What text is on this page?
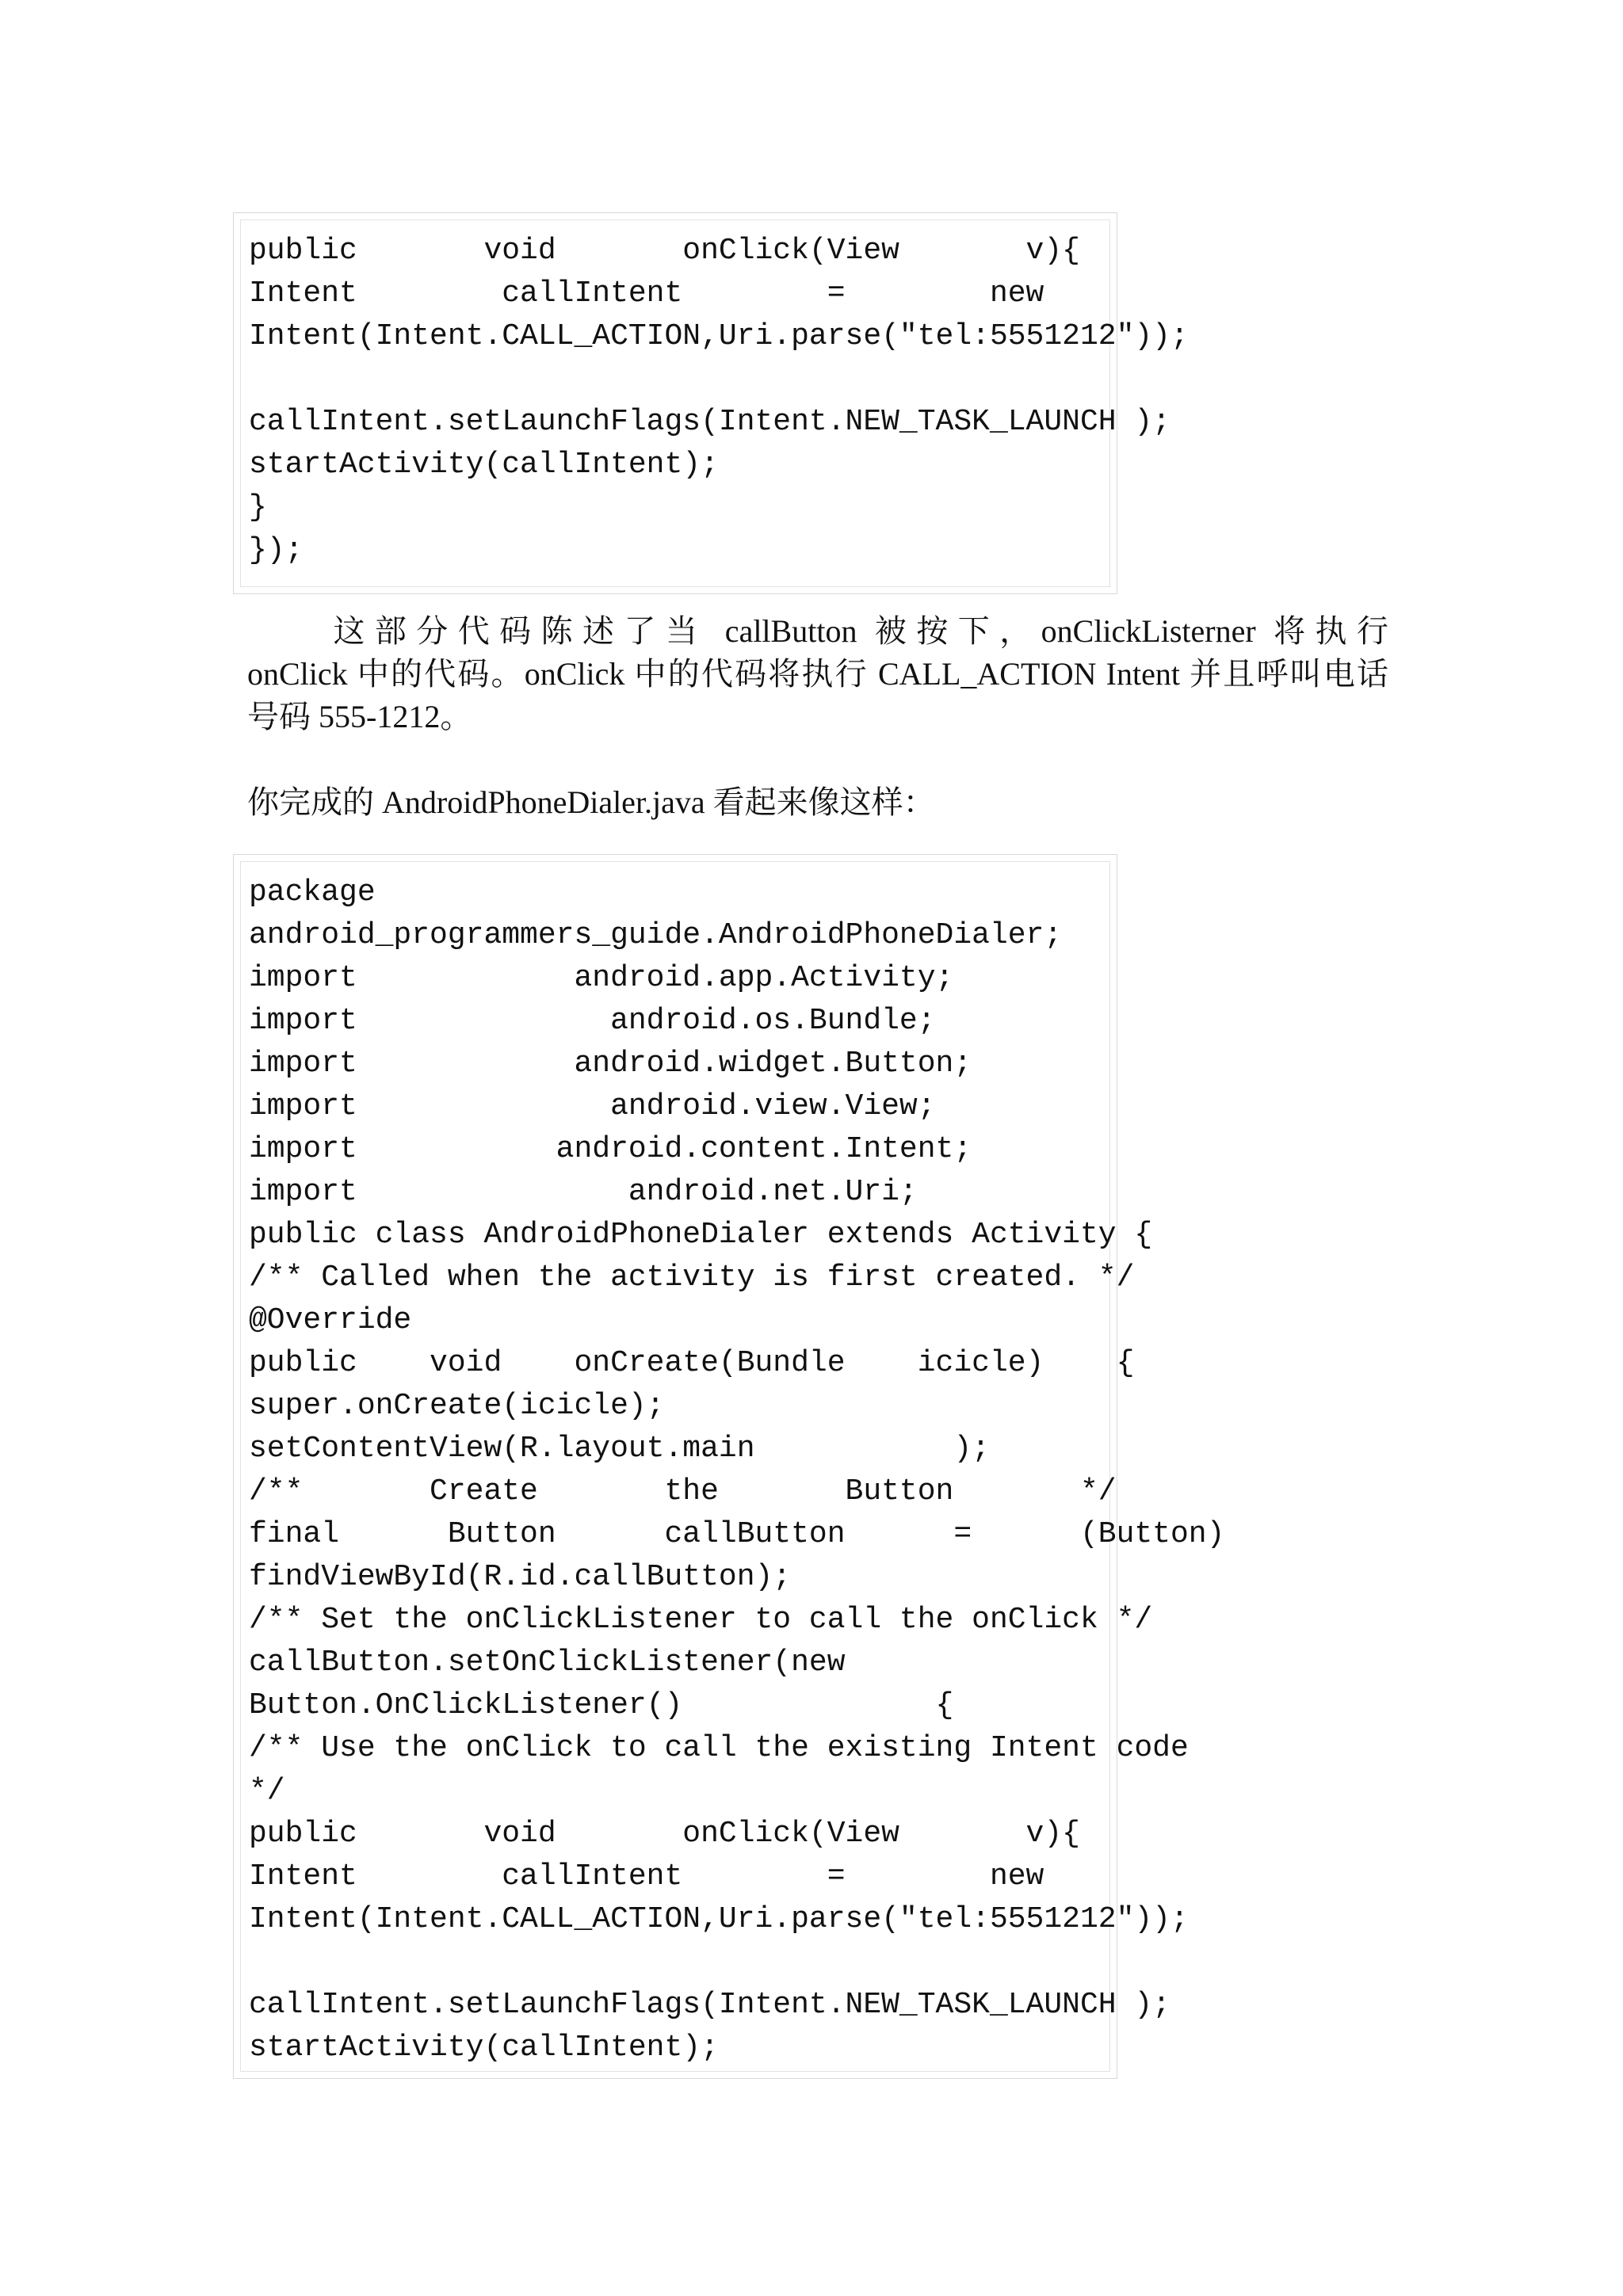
public       void       onClick(View       v){
Intent        callIntent        =        new
Intent(Intent.CALL_ACTION,Uri.parse("tel:5551212"));
callIntent.setLaunchFlags(Intent.NEW_TASK_LAUNCH );
startActivity(callIntent);
}
});
这部分代码陈述了当 callButton 被按下，onClickListerner 将执行
onClick 中的代码。onClick 中的代码将执行 CALL_ACTION Intent 并且呼叫电话
号码 555-1212。
你完成的 AndroidPhoneDialer.java 看起来像这样：
package
android_programmers_guide.AndroidPhoneDialer;
import            android.app.Activity;
import              android.os.Bundle;
import            android.widget.Button;
import              android.view.View;
import           android.content.Intent;
import               android.net.Uri;
public class AndroidPhoneDialer extends Activity {
/** Called when the activity is first created. */
@Override
public    void    onCreate(Bundle    icicle)    {
super.onCreate(icicle);
setContentView(R.layout.main           );
/**       Create       the       Button       */
final      Button      callButton      =      (Button)
findViewById(R.id.callButton);
/** Set the onClickListener to call the onClick */
callButton.setOnClickListener(new
Button.OnClickListener()              {
/** Use the onClick to call the existing Intent code
*/
public       void       onClick(View       v){
Intent        callIntent        =        new
Intent(Intent.CALL_ACTION,Uri.parse("tel:5551212"));
callIntent.setLaunchFlags(Intent.NEW_TASK_LAUNCH );
startActivity(callIntent);
